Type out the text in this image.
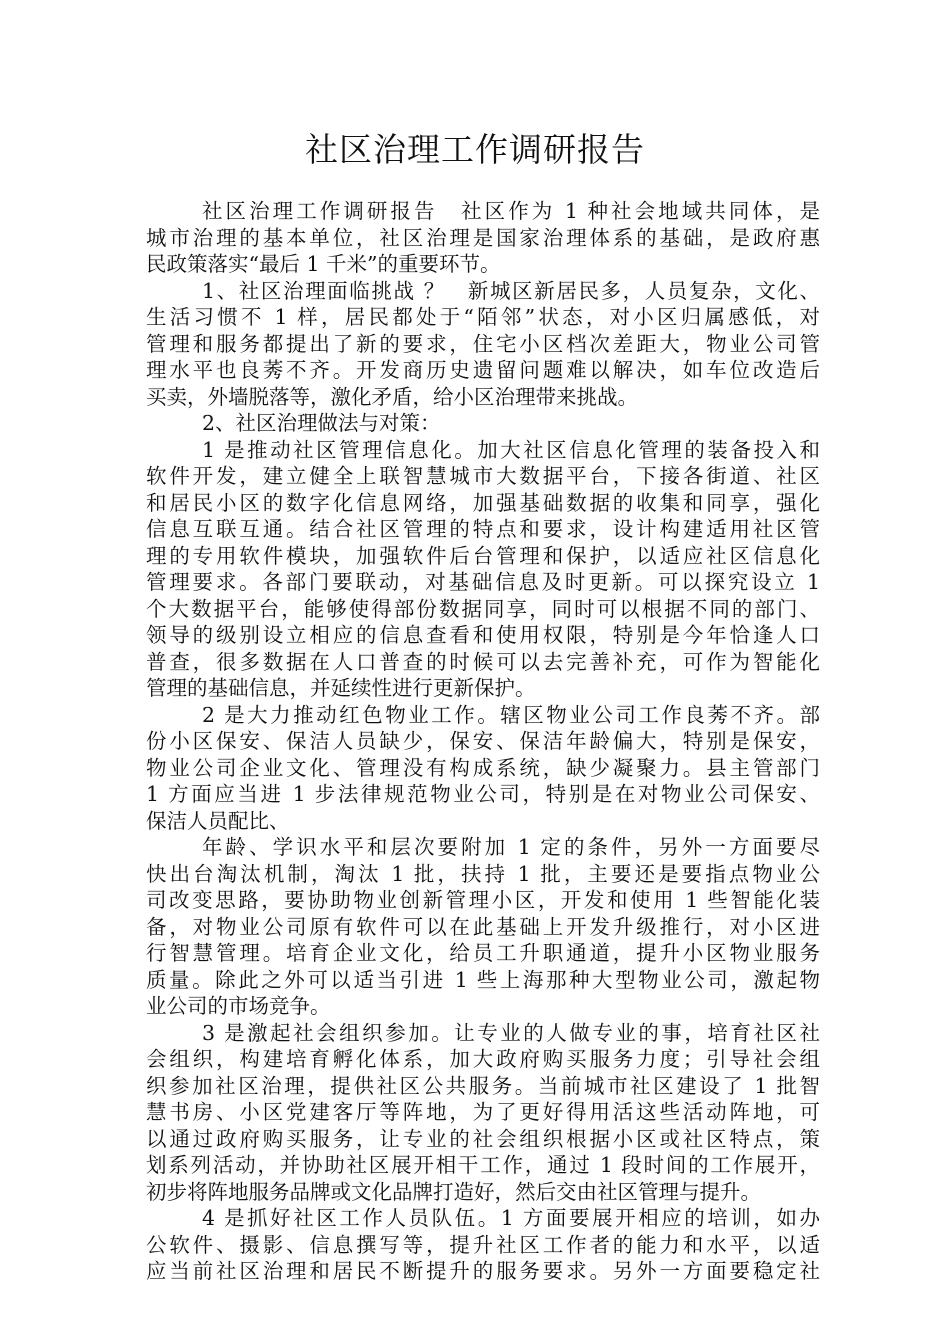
社区治理工作调研报告
社区治理工作调研报告　社区作为 1 种社会地域共同体，是
城市治理的基本单位，社区治理是国家治理体系的基础，是政府惠
民政策落实“最后 1 千米”的重要环节。
1、社区治理面临挑战 ？　新城区新居民多，人员复杂，文化、
生活习惯不 1 样，居民都处于“陌邻”状态，对小区归属感低，对
管理和服务都提出了新的要求，住宅小区档次差距大，物业公司管
理水平也良莠不齐。开发商历史遗留问题难以解决，如车位改造后
买卖，外墙脱落等，激化矛盾，给小区治理带来挑战。
2、社区治理做法与对策：
1 是推动社区管理信息化。加大社区信息化管理的装备投入和
软件开发，建立健全上联智慧城市大数据平台，下接各街道、社区
和居民小区的数字化信息网络，加强基础数据的收集和同享，强化
信息互联互通。结合社区管理的特点和要求，设计构建适用社区管
理的专用软件模块，加强软件后台管理和保护，以适应社区信息化
管理要求。各部门要联动，对基础信息及时更新。可以探究设立 1
个大数据平台，能够使得部份数据同享，同时可以根据不同的部门、
领导的级别设立相应的信息查看和使用权限，特别是今年恰逢人口
普查，很多数据在人口普查的时候可以去完善补充，可作为智能化
管理的基础信息，并延续性进行更新保护。
2 是大力推动红色物业工作。辖区物业公司工作良莠不齐。部
份小区保安、保洁人员缺少，保安、保洁年龄偏大，特别是保安，
物业公司企业文化、管理没有构成系统，缺少凝聚力。县主管部门
1 方面应当进 1 步法律规范物业公司，特别是在对物业公司保安、
保洁人员配比、
年龄、学识水平和层次要附加 1 定的条件，另外一方面要尽
快出台淘汰机制，淘汰 1 批，扶持 1 批，主要还是要指点物业公
司改变思路，要协助物业创新管理小区，开发和使用 1 些智能化装
备，对物业公司原有软件可以在此基础上开发升级推行，对小区进
行智慧管理。培育企业文化，给员工升职通道，提升小区物业服务
质量。除此之外可以适当引进 1 些上海那种大型物业公司，激起物
业公司的市场竞争。
3 是激起社会组织参加。让专业的人做专业的事，培育社区社
会组织，构建培育孵化体系，加大政府购买服务力度；引导社会组
织参加社区治理，提供社区公共服务。当前城市社区建设了 1 批智
慧书房、小区党建客厅等阵地，为了更好得用活这些活动阵地，可
以通过政府购买服务，让专业的社会组织根据小区或社区特点，策
划系列活动，并协助社区展开相干工作，通过 1 段时间的工作展开，
初步将阵地服务品牌或文化品牌打造好，然后交由社区管理与提升。
4 是抓好社区工作人员队伍。1 方面要展开相应的培训，如办
公软件、摄影、信息撰写等，提升社区工作者的能力和水平，以适
应当前社区治理和居民不断提升的服务要求。另外一方面要稳定社
